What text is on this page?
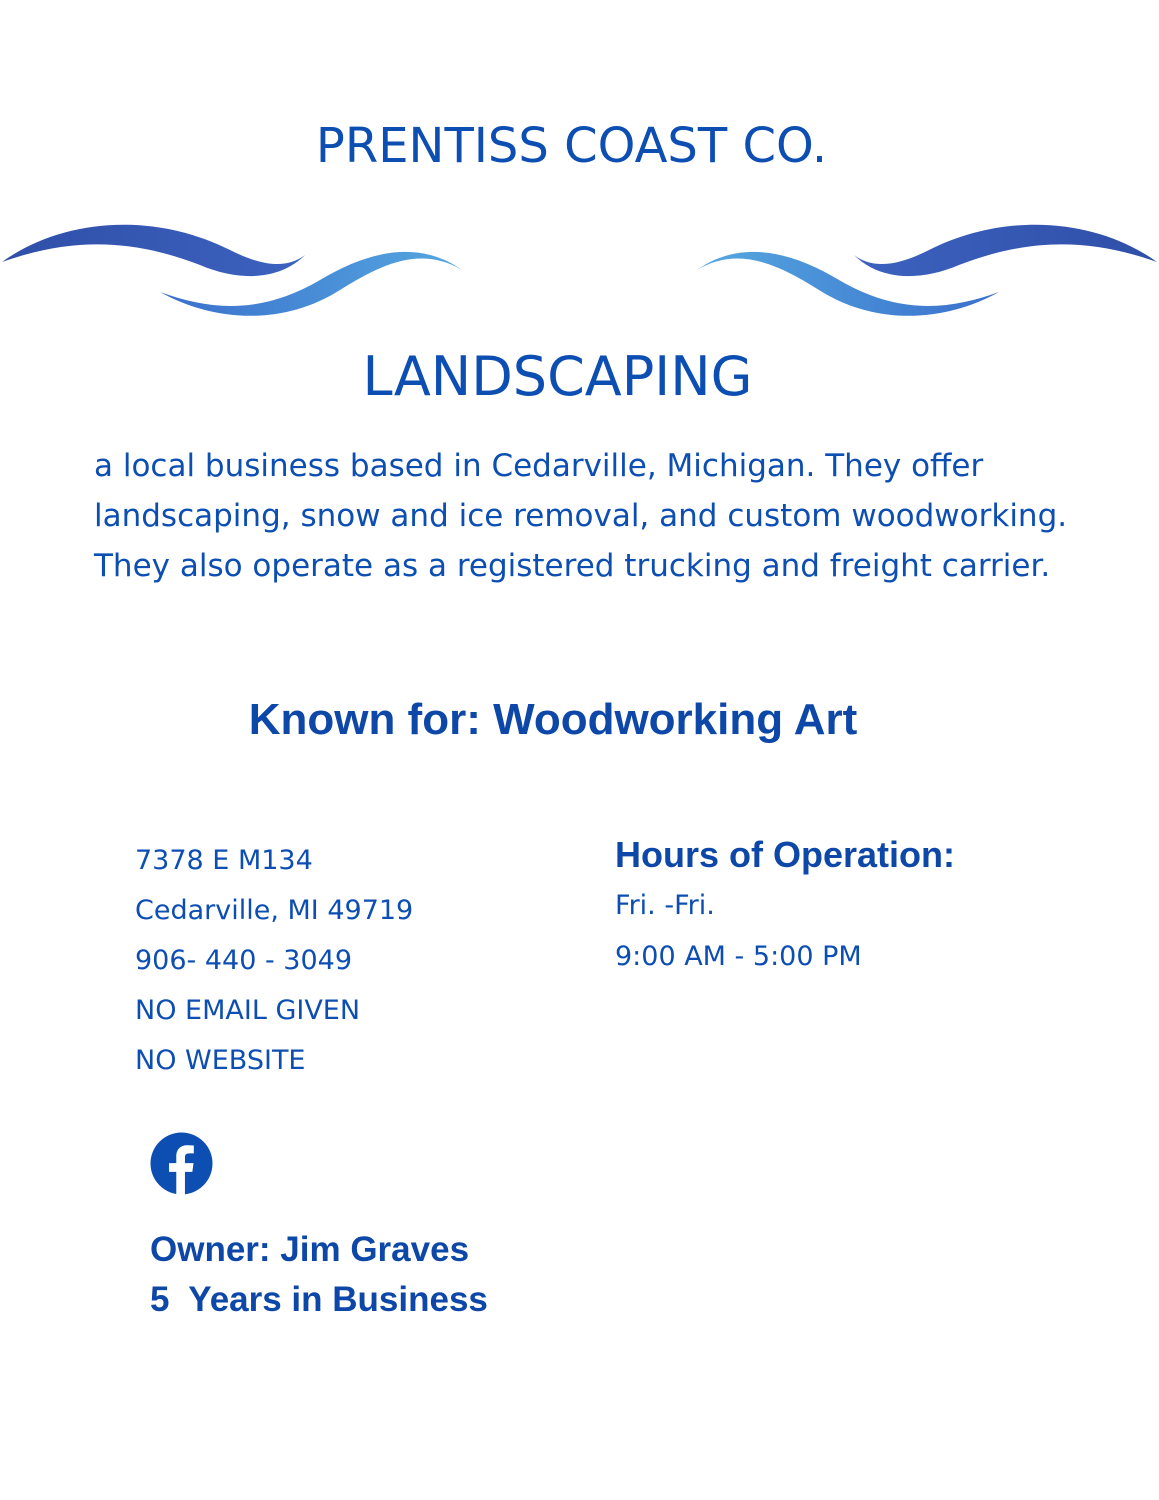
PRENTISS COAST CO.
LANDSCAPING

a local business based in Cedarville, Michigan. They offer landscaping, snow and ice removal, and custom woodworking. They also operate as a registered trucking and freight carrier.

Known for: Woodworking Art
7378 E M134
Cedarville, MI 49719
906- 440 - 3049
NO EMAIL GIVEN
NO WEBSITE
Hours of Operation:
Fri. -Fri.
9:00 AM - 5:00 PM
Owner: Jim Graves
5  Years in Business
